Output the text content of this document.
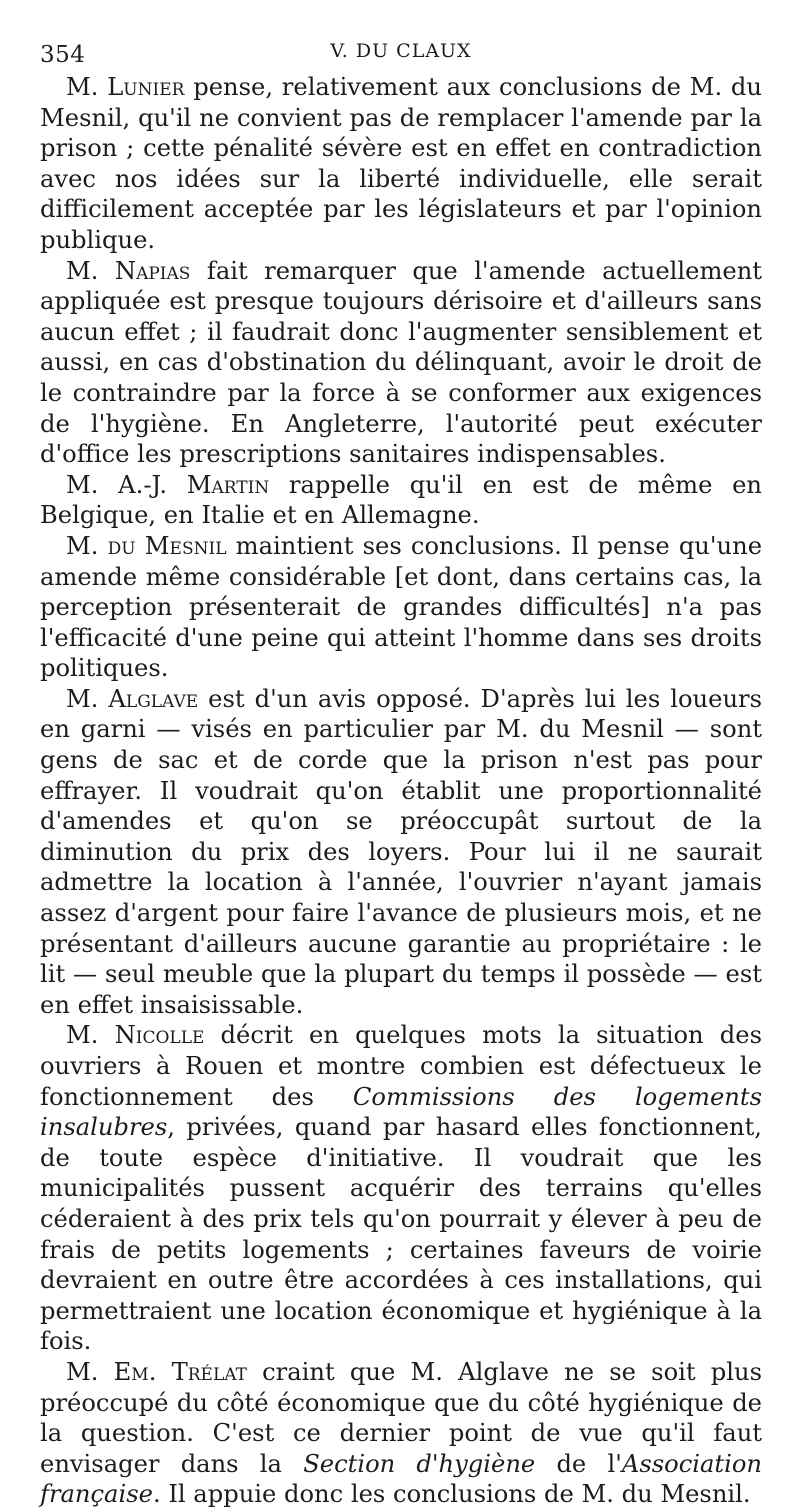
354	V. DU CLAUX

M. Lunier pense, relativement aux conclusions de M. du Mesnil, qu'il ne convient pas de remplacer l'amende par la prison ; cette pénalité sévère est en effet en contradiction avec nos idées sur la liberté individuelle, elle serait difficilement acceptée par les législateurs et par l'opinion publique.

M. Napias fait remarquer que l'amende actuellement appliquée est presque toujours dérisoire et d'ailleurs sans aucun effet ; il faudrait donc l'augmenter sensiblement et aussi, en cas d'obstination du délinquant, avoir le droit de le contraindre par la force à se conformer aux exigences de l'hygiène. En Angleterre, l'autorité peut exécuter d'office les prescriptions sanitaires indispensables.

M. A.-J. Martin rappelle qu'il en est de même en Belgique, en Italie et en Allemagne.

M. du Mesnil maintient ses conclusions. Il pense qu'une amende même considérable [et dont, dans certains cas, la perception présenterait de grandes difficultés] n'a pas l'efficacité d'une peine qui atteint l'homme dans ses droits politiques.

M. Alglave est d'un avis opposé. D'après lui les loueurs en garni — visés en particulier par M. du Mesnil — sont gens de sac et de corde que la prison n'est pas pour effrayer. Il voudrait qu'on établit une proportionnalité d'amendes et qu'on se préoccupât surtout de la diminution du prix des loyers. Pour lui il ne saurait admettre la location à l'année, l'ouvrier n'ayant jamais assez d'argent pour faire l'avance de plusieurs mois, et ne présentant d'ailleurs aucune garantie au propriétaire : le lit — seul meuble que la plupart du temps il possède — est en effet insaisissable.

M. Nicolle décrit en quelques mots la situation des ouvriers à Rouen et montre combien est défectueux le fonctionnement des Commissions des logements insalubres, privées, quand par hasard elles fonctionnent, de toute espèce d'initiative. Il voudrait que les municipalités pussent acquérir des terrains qu'elles céderaient à des prix tels qu'on pourrait y élever à peu de frais de petits logements ; certaines faveurs de voirie devraient en outre être accordées à ces installations, qui permettraient une location économique et hygiénique à la fois.

M. Em. Trélat craint que M. Alglave ne se soit plus préoccupé du côté économique que du côté hygiénique de la question. C'est ce dernier point de vue qu'il faut envisager dans la Section d'hygiène de l'Association française. Il appuie donc les conclusions de M. du Mesnil.
